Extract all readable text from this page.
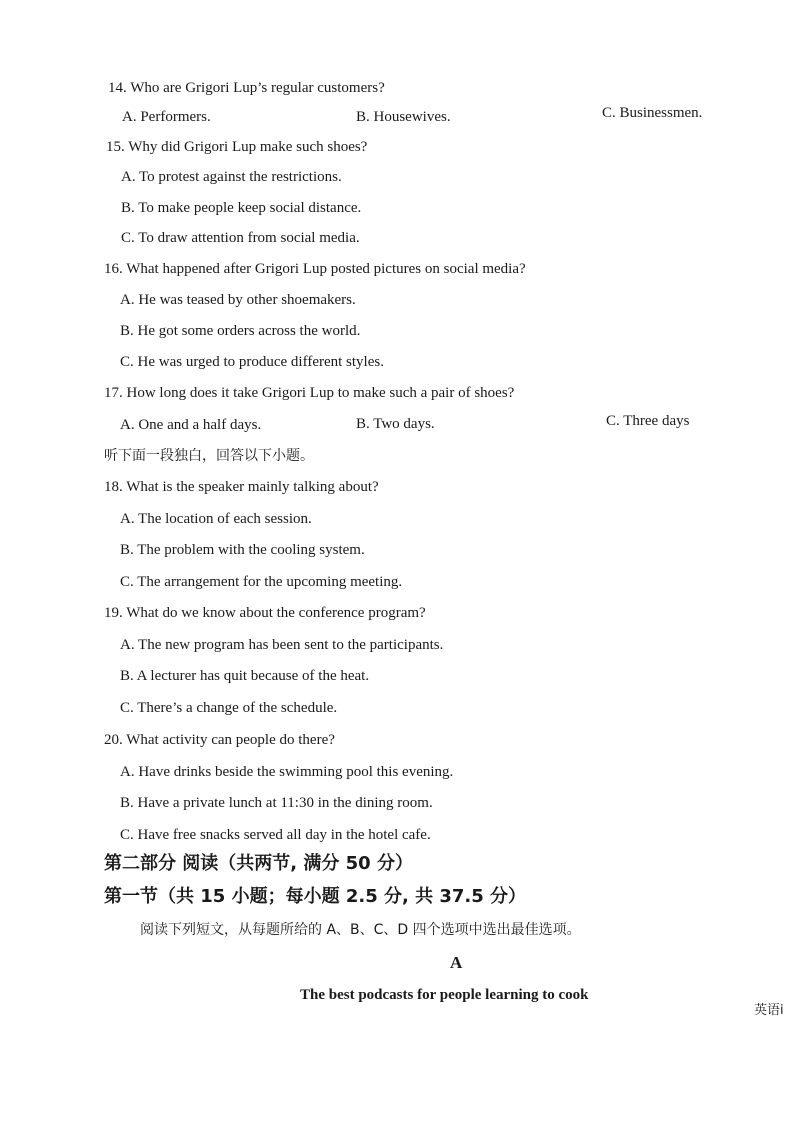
14. Who are Grigori Lup’s regular customers?
A. Performers.	B. Housewives.	C. Businessmen.
15. Why did Grigori Lup make such shoes?
A. To protest against the restrictions.
B. To make people keep social distance.
C. To draw attention from social media.
16. What happened after Grigori Lup posted pictures on social media?
A. He was teased by other shoemakers.
B. He got some orders across the world.
C. He was urged to produce different styles.
17. How long does it take Grigori Lup to make such a pair of shoes?
A. One and a half days.	B. Two days.	C. Three days
听下面一段独白，回答以下小题。
18. What is the speaker mainly talking about?
A. The location of each session.
B. The problem with the cooling system.
C. The arrangement for the upcoming meeting.
19. What do we know about the conference program?
A. The new program has been sent to the participants.
B. A lecturer has quit because of the heat.
C. There’s a change of the schedule.
20. What activity can people do there?
A. Have drinks beside the swimming pool this evening.
B. Have a private lunch at 11:30 in the dining room.
C. Have free snacks served all day in the hotel cafe.
第二部分 阅读（共两节, 满分 50 分）
第一节（共 15 小题；每小题 2.5 分, 共 37.5 分）
阅读下列短文，从每题所给的 A、B、C、D 四个选项中选出最佳选项。
A
The best podcasts for people learning to cook
英语i
